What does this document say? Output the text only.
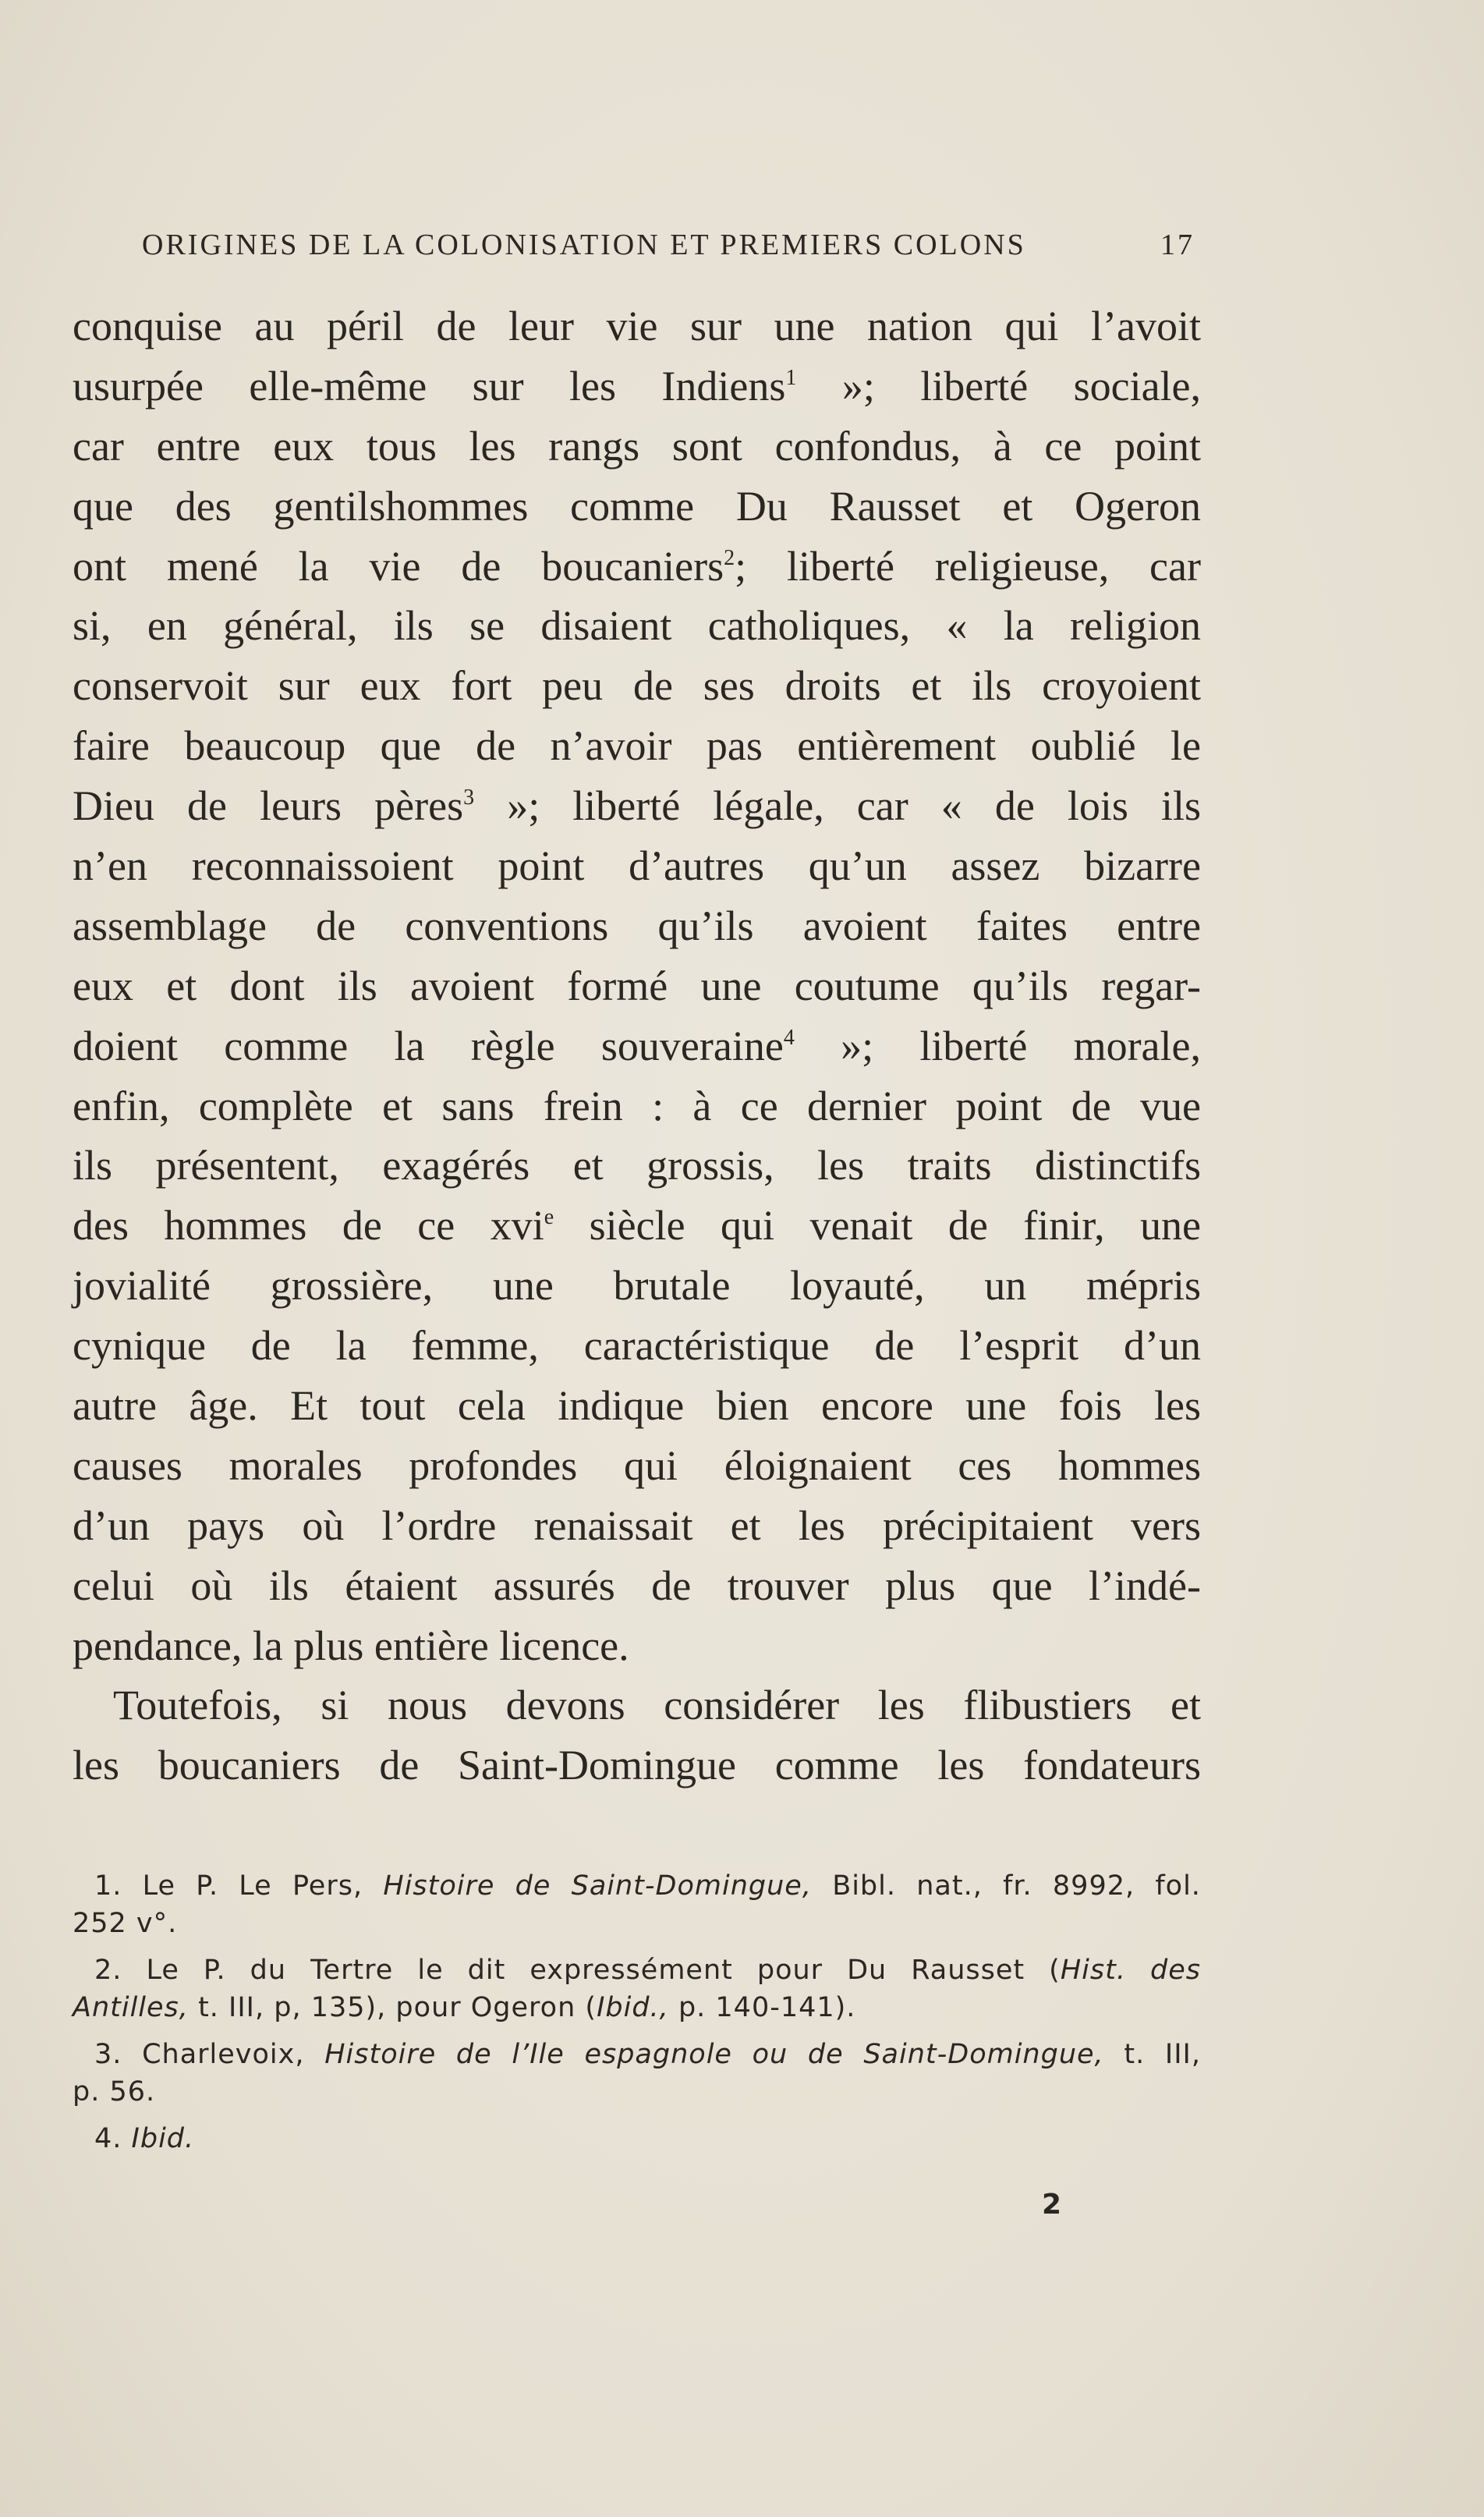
ORIGINES DE LA COLONISATION ET PREMIERS COLONS	17
conquise au péril de leur vie sur une nation qui l’avoit
usurpée elle-même sur les Indiens$^1$ »; liberté sociale,
car entre eux tous les rangs sont confondus, à ce point
que des gentilshommes comme Du Rausset et Ogeron
ont mené la vie de boucaniers$^2$; liberté religieuse, car
si, en général, ils se disaient catholiques, « la religion
conservoit sur eux fort peu de ses droits et ils croyoient
faire beaucoup que de n’avoir pas entièrement oublié le
Dieu de leurs pères$^3$ »; liberté légale, car « de lois ils
n’en reconnaissoient point d’autres qu’un assez bizarre
assemblage de conventions qu’ils avoient faites entre
eux et dont ils avoient formé une coutume qu’ils regar-
doient comme la règle souveraine$^4$ »; liberté morale,
enfin, complète et sans frein : à ce dernier point de vue
ils présentent, exagérés et grossis, les traits distinctifs
des hommes de ce xvi$^e$ siècle qui venait de finir, une
jovialité grossière, une brutale loyauté, un mépris
cynique de la femme, caractéristique de l’esprit d’un
autre âge. Et tout cela indique bien encore une fois les
causes morales profondes qui éloignaient ces hommes
d’un pays où l’ordre renaissait et les précipitaient vers
celui où ils étaient assurés de trouver plus que l’indé-
pendance, la plus entière licence.
Toutefois, si nous devons considérer les flibustiers et
les boucaniers de Saint-Domingue comme les fondateurs
1. Le P. Le Pers, Histoire de Saint-Domingue, Bibl. nat., fr. 8992, fol.
252 v°.
2. Le P. du Tertre le dit expressément pour Du Rausset (Hist. des
Antilles, t. III, p, 135), pour Ogeron (Ibid., p. 140-141).
3. Charlevoix, Histoire de l’Ile espagnole ou de Saint-Domingue, t. III,
p. 56.
4. Ibid.
2
